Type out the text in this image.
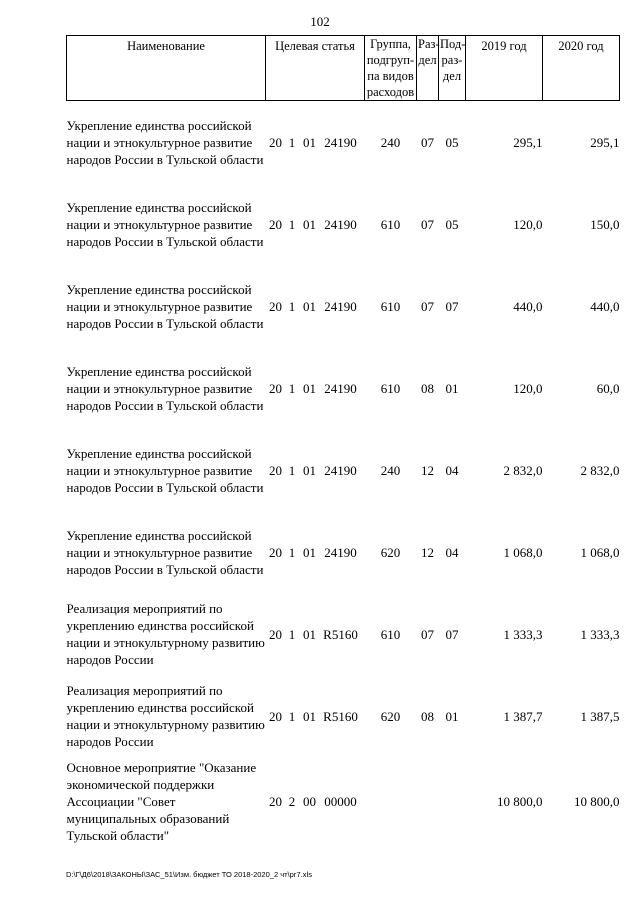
102
Наименование	Целевая статья	Группа, подгруп-па видов расходов	Раз-дел	Под-раз-дел	2019 год	2020 год
Укрепление единства российской нации и этнокультурное развитие народов России в Тульской области	20 1 01 24190	240	07	05	295,1	295,1
Укрепление единства российской нации и этнокультурное развитие народов России в Тульской области	20 1 01 24190	610	07	05	120,0	150,0
Укрепление единства российской нации и этнокультурное развитие народов России в Тульской области	20 1 01 24190	610	07	07	440,0	440,0
Укрепление единства российской нации и этнокультурное развитие народов России в Тульской области	20 1 01 24190	610	08	01	120,0	60,0
Укрепление единства российской нации и этнокультурное развитие народов России в Тульской области	20 1 01 24190	240	12	04	2 832,0	2 832,0
Укрепление единства российской нации и этнокультурное развитие народов России в Тульской области	20 1 01 24190	620	12	04	1 068,0	1 068,0
Реализация мероприятий по укреплению единства российской нации и этнокультурному развитию народов России	20 1 01 R5160	610	07	07	1 333,3	1 333,3
Реализация мероприятий по укреплению единства российской нации и этнокультурному развитию народов России	20 1 01 R5160	620	08	01	1 387,7	1 387,5
Основное мероприятие "Оказание экономической поддержки Ассоциации "Совет муниципальных образований Тульской области"	20 2 00 00000				10 800,0	10 800,0
D:\Г\Д6\2018\ЗАКОНЫ\ЗАС_51\Изм. бюджет ТО 2018-2020_2 чт\рг7.xls
